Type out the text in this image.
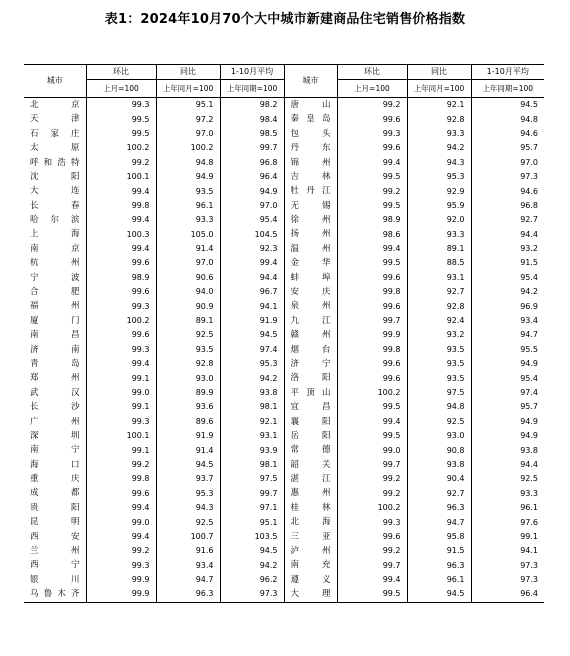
表1：2024年10月70个大中城市新建商品住宅销售价格指数
城市	环比	同比	1-10月平均	城市	环比	同比	1-10月平均
	上月=100	上年同月=100	上年同期=100		上月=100	上年同月=100	上年同期=100
北京	99.3	95.1	98.2	唐山	99.2	92.1	94.5
天津	99.5	97.2	98.4	秦皇岛	99.6	92.8	94.8
石家庄	99.5	97.0	98.5	包头	99.3	93.3	94.6
太原	100.2	100.2	99.7	丹东	99.6	94.2	95.7
呼和浩特	99.2	94.8	96.8	锦州	99.4	94.3	97.0
沈阳	100.1	94.9	96.4	吉林	99.5	95.3	97.3
大连	99.4	93.5	94.9	牡丹江	99.2	92.9	94.6
长春	99.8	96.1	97.0	无锡	99.5	95.9	96.8
哈尔滨	99.4	93.3	95.4	徐州	98.9	92.0	92.7
上海	100.3	105.0	104.5	扬州	98.6	93.3	94.4
南京	99.4	91.4	92.3	温州	99.4	89.1	93.2
杭州	99.6	97.0	99.4	金华	99.5	88.5	91.5
宁波	98.9	90.6	94.4	蚌埠	99.6	93.1	95.4
合肥	99.6	94.0	96.7	安庆	99.8	92.7	94.2
福州	99.3	90.9	94.1	泉州	99.6	92.8	96.9
厦门	100.2	89.1	91.9	九江	99.7	92.4	93.4
南昌	99.6	92.5	94.5	赣州	99.9	93.2	94.7
济南	99.3	93.5	97.4	烟台	99.8	93.5	95.5
青岛	99.4	92.8	95.3	济宁	99.6	93.5	94.9
郑州	99.1	93.0	94.2	洛阳	99.6	93.5	95.4
武汉	99.0	89.9	93.8	平顶山	100.2	97.5	97.4
长沙	99.1	93.6	98.1	宜昌	99.5	94.8	95.7
广州	99.3	89.6	92.1	襄阳	99.4	92.5	94.9
深圳	100.1	91.9	93.1	岳阳	99.5	93.0	94.9
南宁	99.1	91.4	93.9	常德	99.0	90.8	93.8
海口	99.2	94.5	98.1	韶关	99.7	93.8	94.4
重庆	99.8	93.7	97.5	湛江	99.2	90.4	92.5
成都	99.6	95.3	99.7	惠州	99.2	92.7	93.3
贵阳	99.4	94.3	97.1	桂林	100.2	96.3	96.1
昆明	99.0	92.5	95.1	北海	99.3	94.7	97.6
西安	99.4	100.7	103.5	三亚	99.6	95.8	99.1
兰州	99.2	91.6	94.5	泸州	99.2	91.5	94.1
西宁	99.3	93.4	94.2	南充	99.7	96.3	97.3
银川	99.9	94.7	96.2	遵义	99.4	96.1	97.3
乌鲁木齐	99.9	96.3	97.3	大理	99.5	94.5	96.4
